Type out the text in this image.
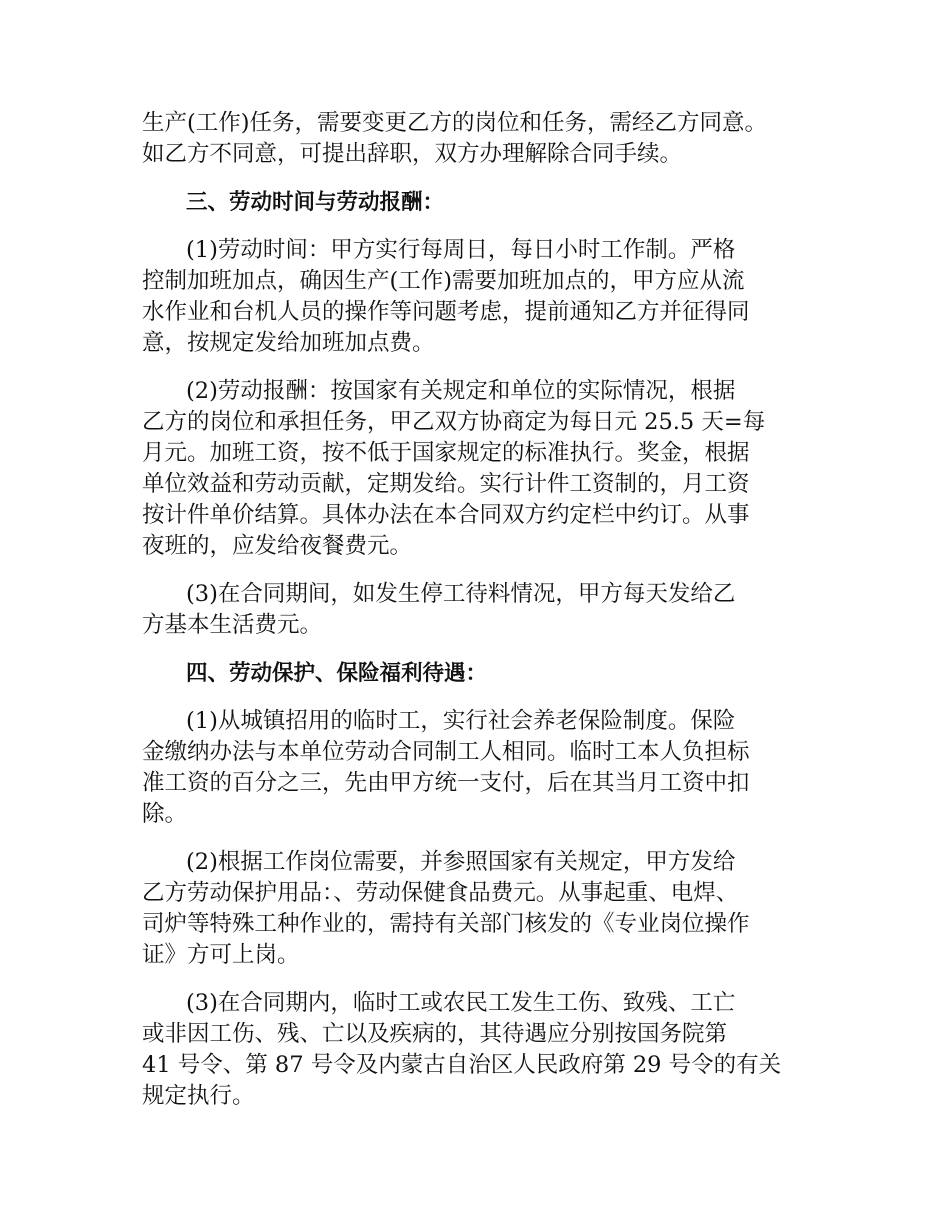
生产(工作)任务，需要变更乙方的岗位和任务，需经乙方同意。
如乙方不同意，可提出辞职，双方办理解除合同手续。
三、劳动时间与劳动报酬：
(1)劳动时间：甲方实行每周日，每日小时工作制。严格
控制加班加点，确因生产(工作)需要加班加点的，甲方应从流
水作业和台机人员的操作等问题考虑，提前通知乙方并征得同
意，按规定发给加班加点费。
(2)劳动报酬：按国家有关规定和单位的实际情况，根据
乙方的岗位和承担任务，甲乙双方协商定为每日元 25.5 天=每
月元。加班工资，按不低于国家规定的标准执行。奖金，根据
单位效益和劳动贡献，定期发给。实行计件工资制的，月工资
按计件单价结算。具体办法在本合同双方约定栏中约订。从事
夜班的，应发给夜餐费元。
(3)在合同期间，如发生停工待料情况，甲方每天发给乙
方基本生活费元。
四、劳动保护、保险福利待遇：
(1)从城镇招用的临时工，实行社会养老保险制度。保险
金缴纳办法与本单位劳动合同制工人相同。临时工本人负担标
准工资的百分之三，先由甲方统一支付，后在其当月工资中扣
除。
(2)根据工作岗位需要，并参照国家有关规定，甲方发给
乙方劳动保护用品：、劳动保健食品费元。从事起重、电焊、
司炉等特殊工种作业的，需持有关部门核发的《专业岗位操作
证》方可上岗。
(3)在合同期内，临时工或农民工发生工伤、致残、工亡
或非因工伤、残、亡以及疾病的，其待遇应分别按国务院第
41 号令、第 87 号令及内蒙古自治区人民政府第 29 号令的有关
规定执行。
